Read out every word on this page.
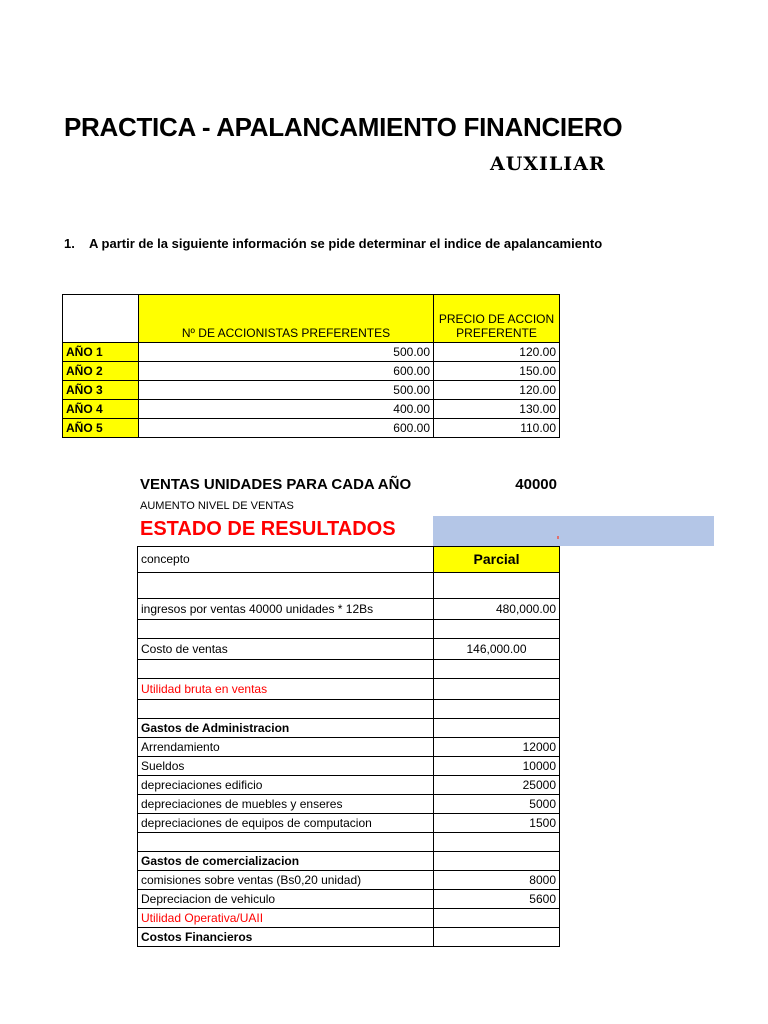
PRACTICA - APALANCAMIENTO FINANCIERO
AUXILIAR
1. A partir de la siguiente información se pide determinar el indice de apalancamiento
	Nº DE ACCIONISTAS PREFERENTES	PRECIO DE ACCION PREFERENTE
AÑO 1	500.00	120.00
AÑO 2	600.00	150.00
AÑO 3	500.00	120.00
AÑO 4	400.00	130.00
AÑO 5	600.00	110.00
VENTAS UNIDADES PARA CADA AÑO	40000
AUMENTO NIVEL DE VENTAS
ESTADO DE RESULTADOS
concepto	Parcial

ingresos por ventas 40000 unidades * 12Bs	480,000.00

Costo de ventas	146,000.00

Utilidad bruta en ventas	

Gastos de Administracion	
Arrendamiento	12000
Sueldos	10000
depreciaciones edificio	25000
depreciaciones de muebles y enseres	5000
depreciaciones de equipos de computacion	1500

Gastos de comercializacion	
comisiones sobre ventas (Bs0,20 unidad)	8000
Depreciacion de vehiculo	5600
Utilidad Operativa/UAII	
Costos Financieros	
